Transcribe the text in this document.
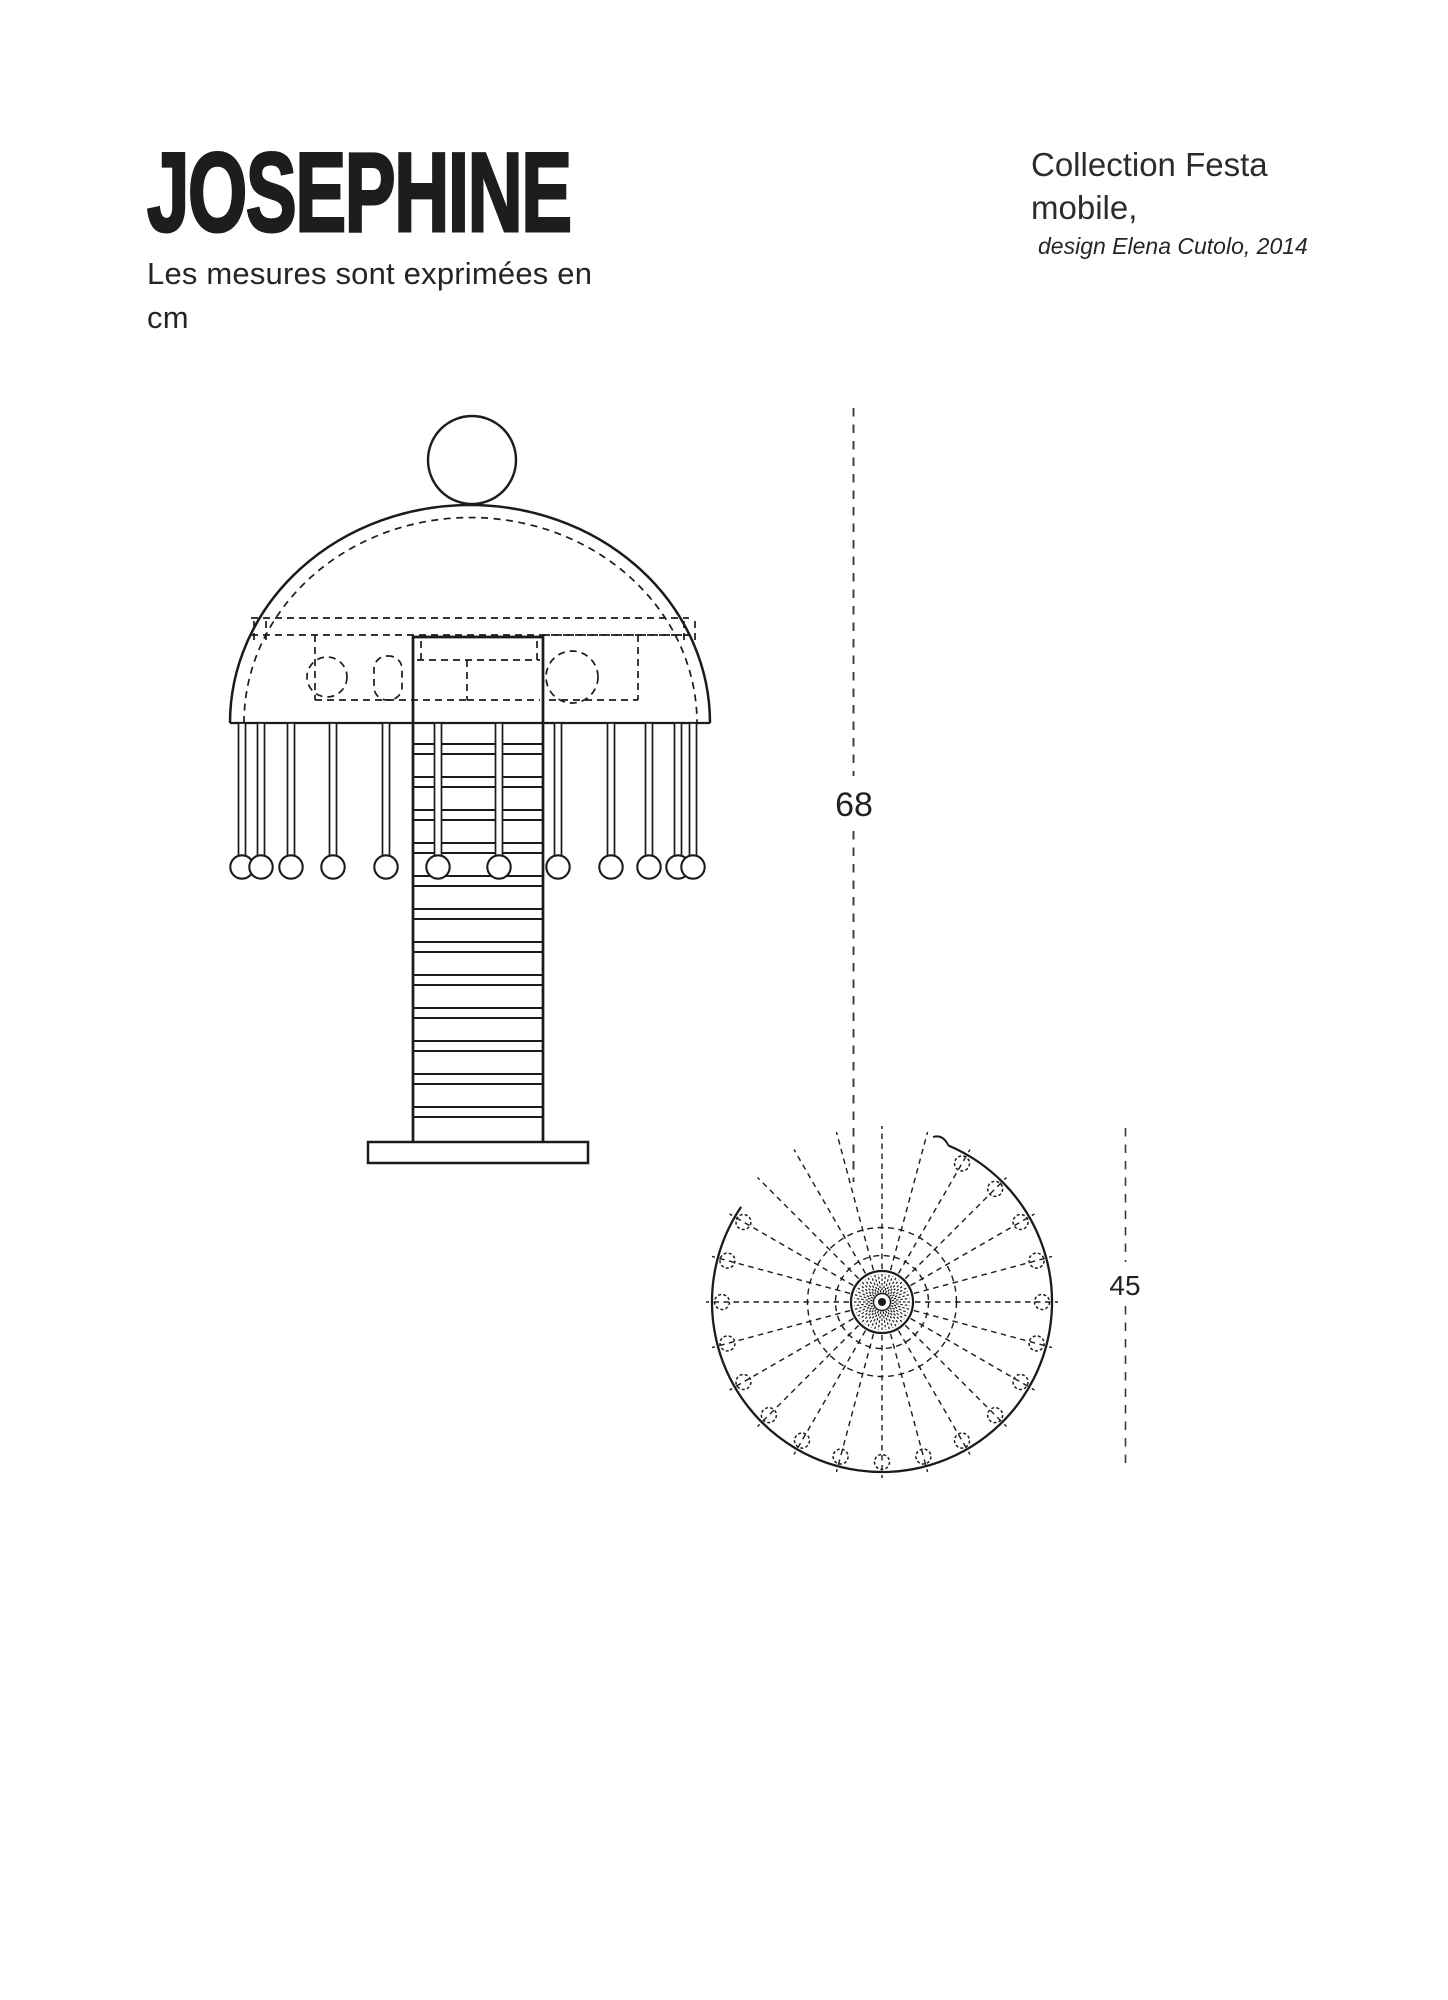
JOSEPHINE

Les mesures sont exprimées en cm

Collection Festa mobile,

design Elena Cutolo, 2014

68
45
